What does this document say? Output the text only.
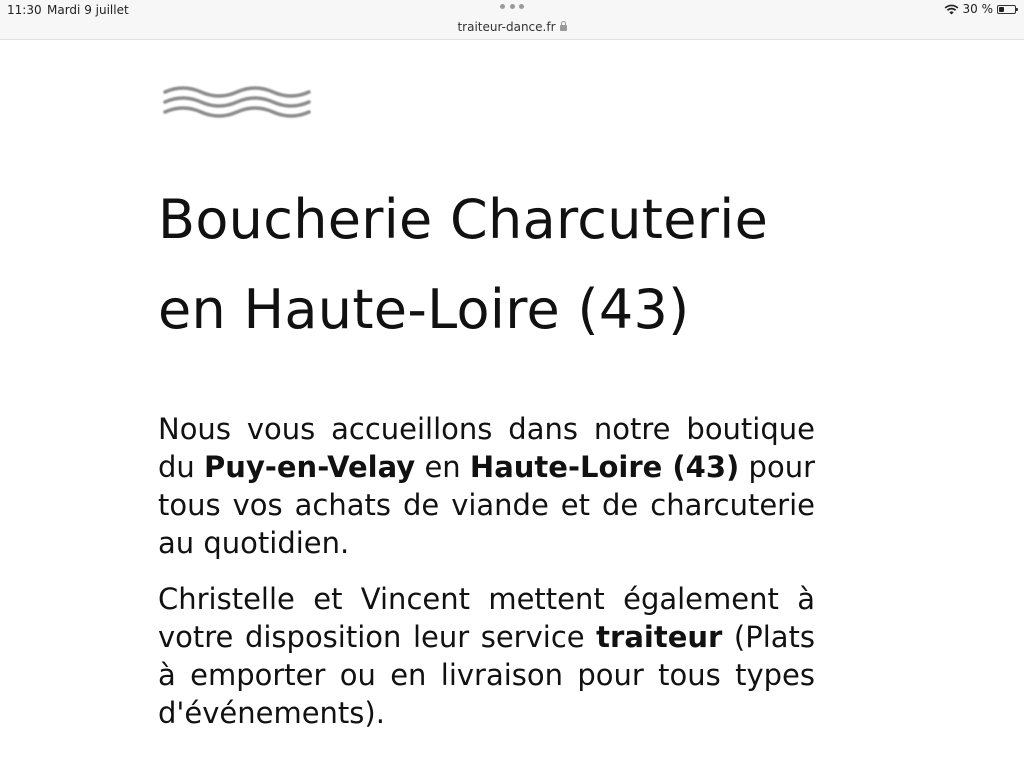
11:30 Mardi 9 juillet
traiteur-dance.fr
30 %
Boucherie Charcuterie
en Haute-Loire (43)

Nous vous accueillons dans notre boutique du Puy-en-Velay en Haute-Loire (43) pour tous vos achats de viande et de charcuterie au quotidien.

Christelle et Vincent mettent également à votre disposition leur service traiteur (Plats à emporter ou en livraison pour tous types d'événements).
